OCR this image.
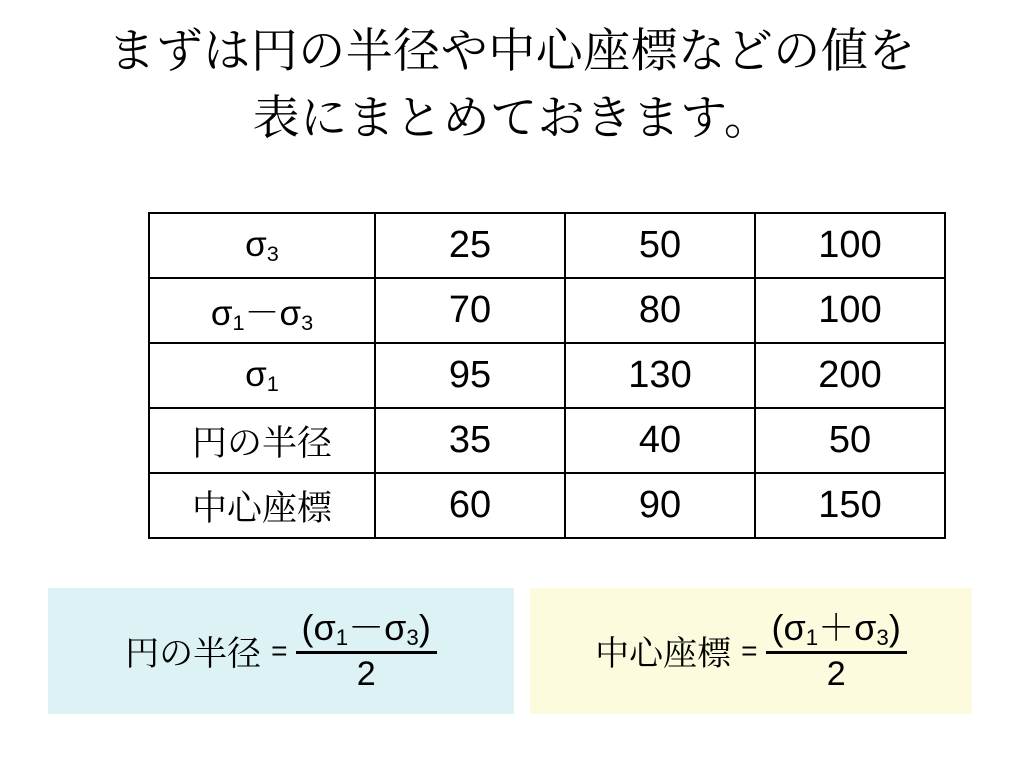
まずは円の半径や中心座標などの値を
表にまとめておきます。
$\sigma_3$	25	50	100
$\sigma_1-\sigma_3$	70	80	100
$\sigma_1$	95	130	200
円の半径	35	40	50
中心座標	60	90	150
円の半径 = $\frac{(\sigma_1-\sigma_3)}{2}$	中心座標 = $\frac{(\sigma_1+\sigma_3)}{2}$
